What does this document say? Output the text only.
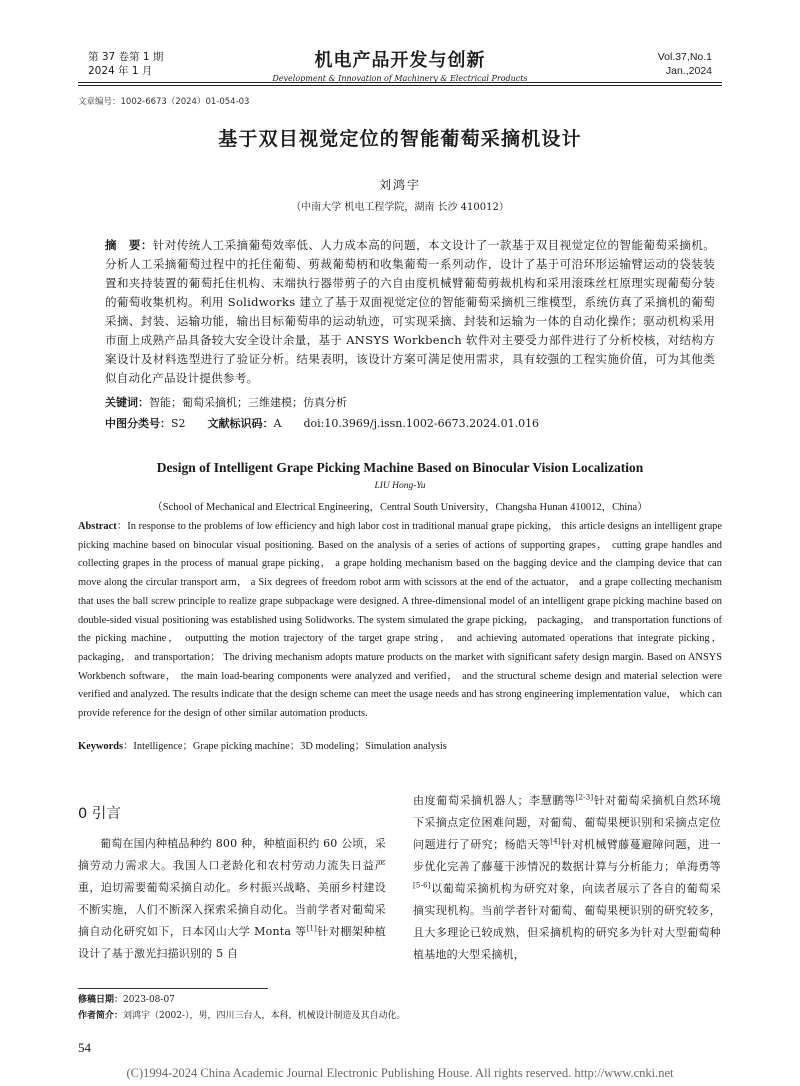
第 37 卷第 1 期
2024 年 1 月	机电产品开发与创新
Development & Innovation of Machinery & Electrical Products
Vol.37,No.1
Jan.,2024
文章编号：1002-6673（2024）01-054-03
基于双目视觉定位的智能葡萄采摘机设计
刘鸿宇
（中南大学 机电工程学院，湖南 长沙 410012）
摘　要：针对传统人工采摘葡萄效率低、人力成本高的问题，本文设计了一款基于双目视觉定位的智能葡萄采摘机。分析人工采摘葡萄过程中的托住葡萄、剪裁葡萄柄和收集葡萄一系列动作，设计了基于可沿环形运输臂运动的袋装装置和夹持装置的葡萄托住机构、末端执行器带剪子的六自由度机械臂葡萄剪裁机构和采用滚珠丝杠原理实现葡萄分装的葡萄收集机构。利用 Solidworks 建立了基于双面视觉定位的智能葡萄采摘机三维模型，系统仿真了采摘机的葡萄采摘、封装、运输功能，输出目标葡萄串的运动轨迹，可实现采摘、封装和运输为一体的自动化操作；驱动机构采用市面上成熟产品具备较大安全设计余量，基于 ANSYS Workbench 软件对主要受力部件进行了分析校核，对结构方案设计及材料选型进行了验证分析。结果表明，该设计方案可满足使用需求，具有较强的工程实施价值，可为其他类似自动化产品设计提供参考。
关键词：智能；葡萄采摘机；三维建模；仿真分析
中图分类号：S2 文献标识码：A doi:10.3969/j.issn.1002-6673.2024.01.016
Design of Intelligent Grape Picking Machine Based on Binocular Vision Localization
LIU Hong-Yu
（School of Mechanical and Electrical Engineering，Central South University，Changsha Hunan 410012，China）
Abstract：In response to the problems of low efficiency and high labor cost in traditional manual grape picking， this article designs an intelligent grape picking machine based on binocular visual positioning. Based on the analysis of a series of actions of supporting grapes， cutting grape handles and collecting grapes in the process of manual grape picking， a grape holding mechanism based on the bagging device and the clamping device that can move along the circular transport arm， a Six degrees of freedom robot arm with scissors at the end of the actuator， and a grape collecting mechanism that uses the ball screw principle to realize grape subpackage were designed. A three-dimensional model of an intelligent grape picking machine based on double-sided visual positioning was established using Solidworks. The system simulated the grape picking， packaging， and transportation functions of the picking machine， outputting the motion trajectory of the target grape string， and achieving automated operations that integrate picking， packaging， and transportation； The driving mechanism adopts mature products on the market with significant safety design margin. Based on ANSYS Workbench software， the main load-bearing components were analyzed and verified， and the structural scheme design and material selection were verified and analyzed. The results indicate that the design scheme can meet the usage needs and has strong engineering implementation value， which can provide reference for the design of other similar automation products.
Keywords：Intelligence；Grape picking machine；3D modeling；Simulation analysis
0 引言
葡萄在国内种植品种约 800 种，种植面积约 60 公顷，采摘劳动力需求大。我国人口老龄化和农村劳动力流失日益严重，迫切需要葡萄采摘自动化。乡村振兴战略、美丽乡村建设不断实施，人们不断深入探索采摘自动化。当前学者对葡萄采摘自动化研究如下，日本冈山大学 Monta 等[1]针对棚架种植设计了基于激光扫描识别的 5 自
由度葡萄采摘机器人；李慧鹏等[2-3]针对葡萄采摘机自然环境下采摘点定位困难问题，对葡萄、葡萄果梗识别和采摘点定位问题进行了研究；杨皓天等[4]针对机械臂藤蔓避障问题，进一步优化完善了藤蔓干涉情况的数据计算与分析能力；单海勇等[5-6]以葡萄采摘机构为研究对象，向读者展示了各自的葡萄采摘实现机构。当前学者针对葡萄、葡萄果梗识别的研究较多，且大多理论已较成熟，但采摘机构的研究多为针对大型葡萄种植基地的大型采摘机，
修稿日期：2023-08-07
作者简介：刘鸿宇（2002-），男，四川三台人，本科，机械设计制造及其自动化。
54
(C)1994-2024 China Academic Journal Electronic Publishing House. All rights reserved. http://www.cnki.net
